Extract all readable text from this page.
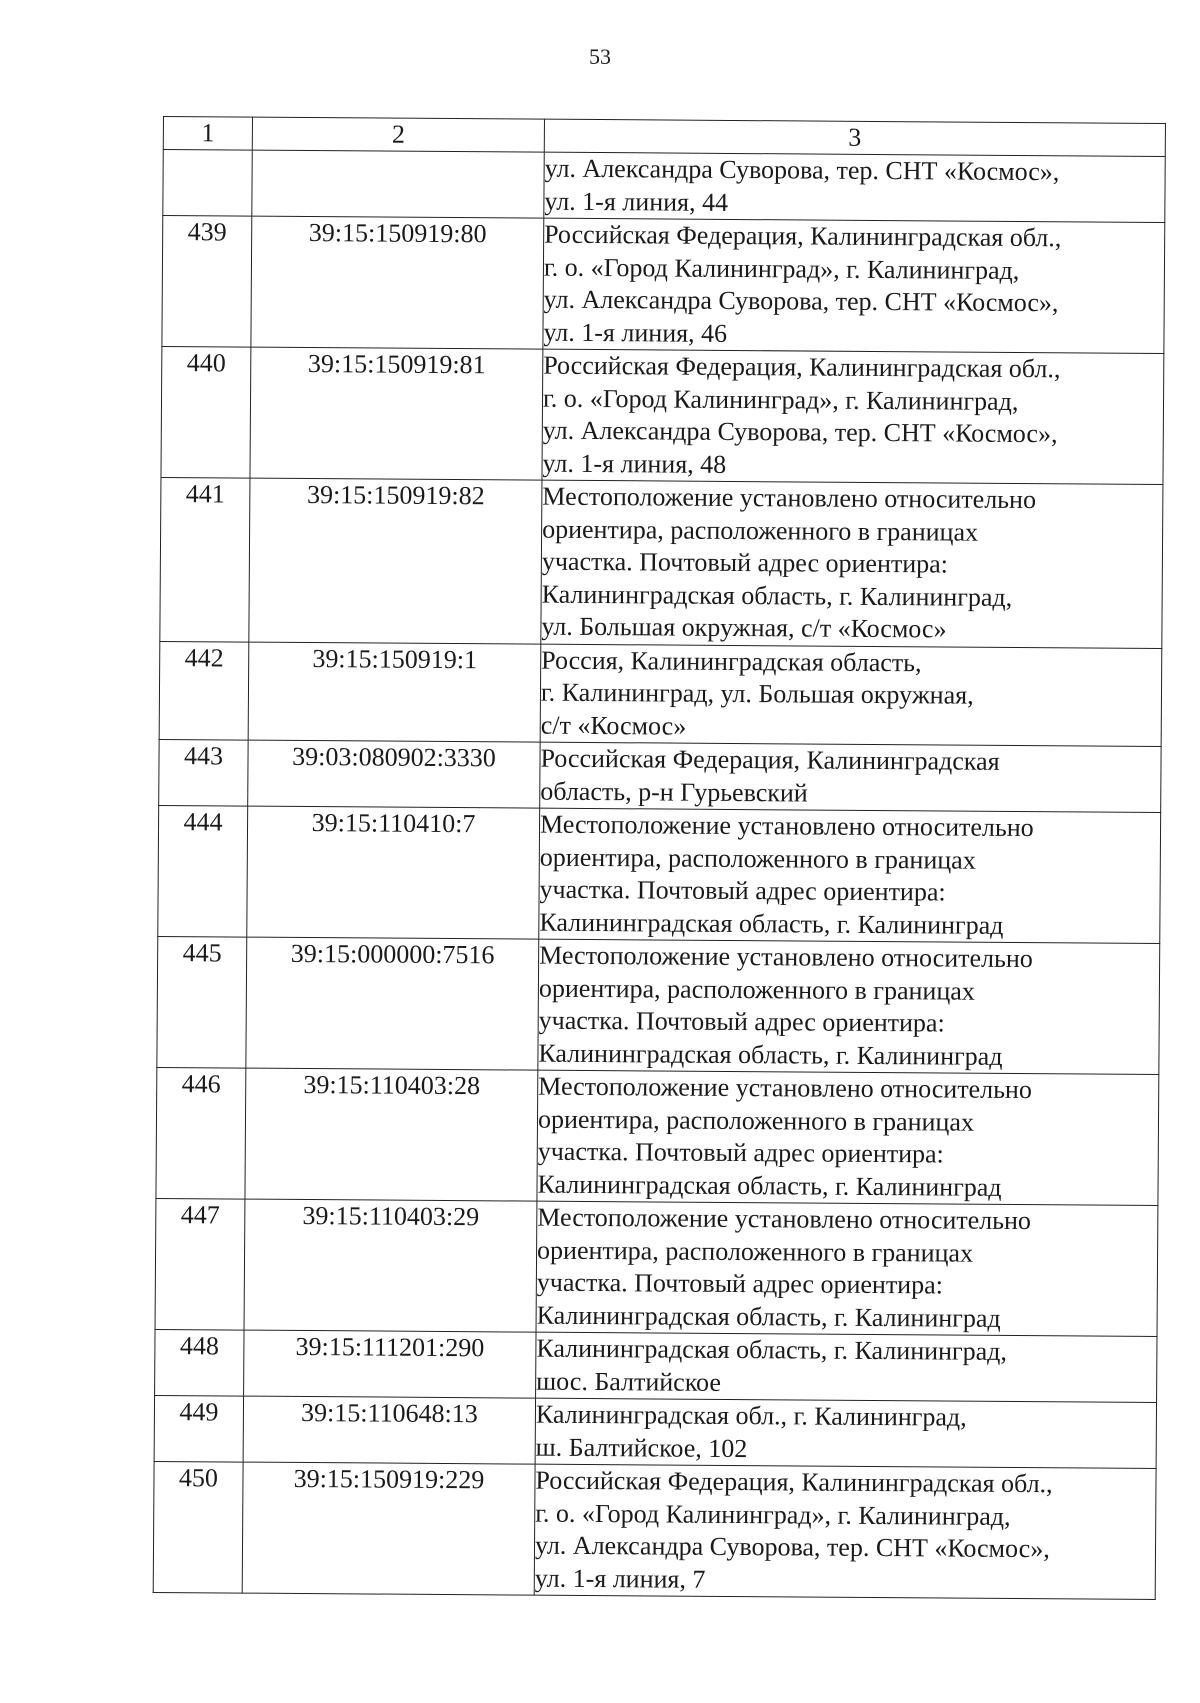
53
1	2	3

		ул. Александра Суворова, тер. СНТ «Космос»,
ул. 1-я линия, 44

439	39:15:150919:80	Российская Федерация, Калининградская обл.,
г. о. «Город Калининград», г. Калининград,
ул. Александра Суворова, тер. СНТ «Космос»,
ул. 1-я линия, 46

440	39:15:150919:81	Российская Федерация, Калининградская обл.,
г. о. «Город Калининград», г. Калининград,
ул. Александра Суворова, тер. СНТ «Космос»,
ул. 1-я линия, 48

441	39:15:150919:82	Местоположение установлено относительно
ориентира, расположенного в границах
участка. Почтовый адрес ориентира:
Калининградская область, г. Калининград,
ул. Большая окружная, с/т «Космос»

442	39:15:150919:1	Россия, Калининградская область,
г. Калининград, ул. Большая окружная,
с/т «Космос»

443	39:03:080902:3330	Российская Федерация, Калининградская
область, р-н Гурьевский

444	39:15:110410:7	Местоположение установлено относительно
ориентира, расположенного в границах
участка. Почтовый адрес ориентира:
Калининградская область, г. Калининград

445	39:15:000000:7516	Местоположение установлено относительно
ориентира, расположенного в границах
участка. Почтовый адрес ориентира:
Калининградская область, г. Калининград

446	39:15:110403:28	Местоположение установлено относительно
ориентира, расположенного в границах
участка. Почтовый адрес ориентира:
Калининградская область, г. Калининград

447	39:15:110403:29	Местоположение установлено относительно
ориентира, расположенного в границах
участка. Почтовый адрес ориентира:
Калининградская область, г. Калининград

448	39:15:111201:290	Калининградская область, г. Калининград,
шос. Балтийское

449	39:15:110648:13	Калининградская обл., г. Калининград,
ш. Балтийское, 102

450	39:15:150919:229	Российская Федерация, Калининградская обл.,
г. о. «Город Калининград», г. Калининград,
ул. Александра Суворова, тер. СНТ «Космос»,
ул. 1-я линия, 7
